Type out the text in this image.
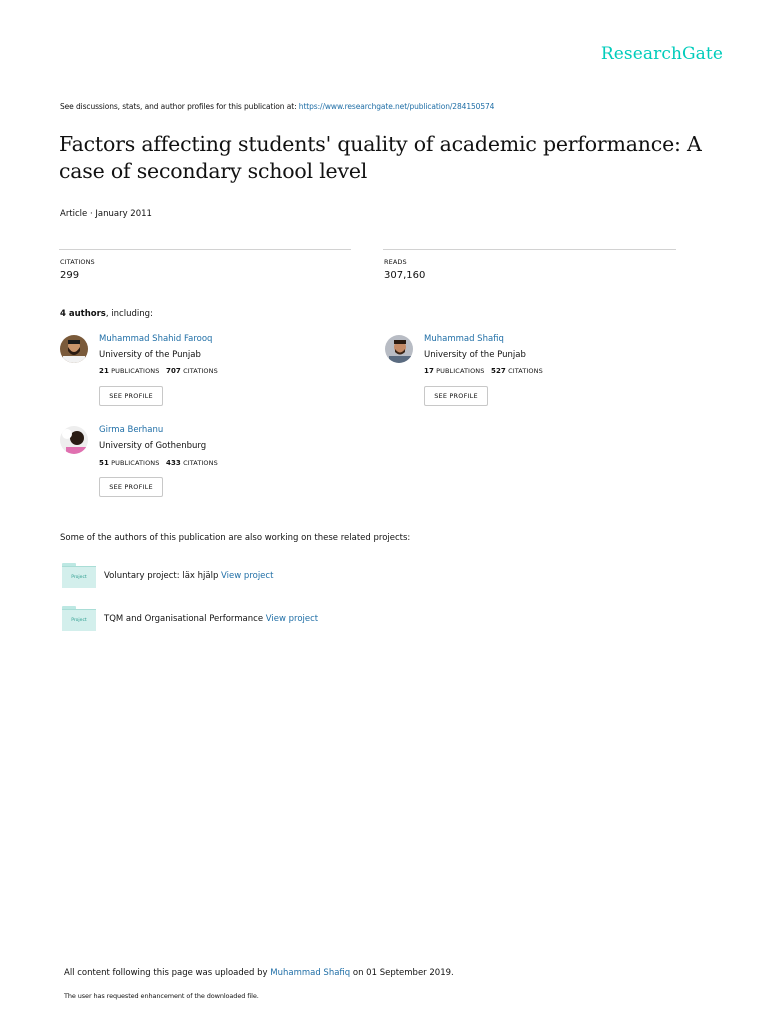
ResearchGate
See discussions, stats, and author profiles for this publication at: https://www.researchgate.net/publication/284150574
Factors affecting students' quality of academic performance: A case of secondary school level
Article · January 2011
CITATIONS
299
READS
307,160
4 authors, including:
Muhammad Shahid Farooq
University of the Punjab
21 PUBLICATIONS 707 CITATIONS
SEE PROFILE
Muhammad Shafiq
University of the Punjab
17 PUBLICATIONS 527 CITATIONS
SEE PROFILE
Girma Berhanu
University of Gothenburg
51 PUBLICATIONS 433 CITATIONS
SEE PROFILE
Some of the authors of this publication are also working on these related projects:
Project	Voluntary project: läx hjälp View project
Project	TQM and Organisational Performance View project
All content following this page was uploaded by Muhammad Shafiq on 01 September 2019.
The user has requested enhancement of the downloaded file.
